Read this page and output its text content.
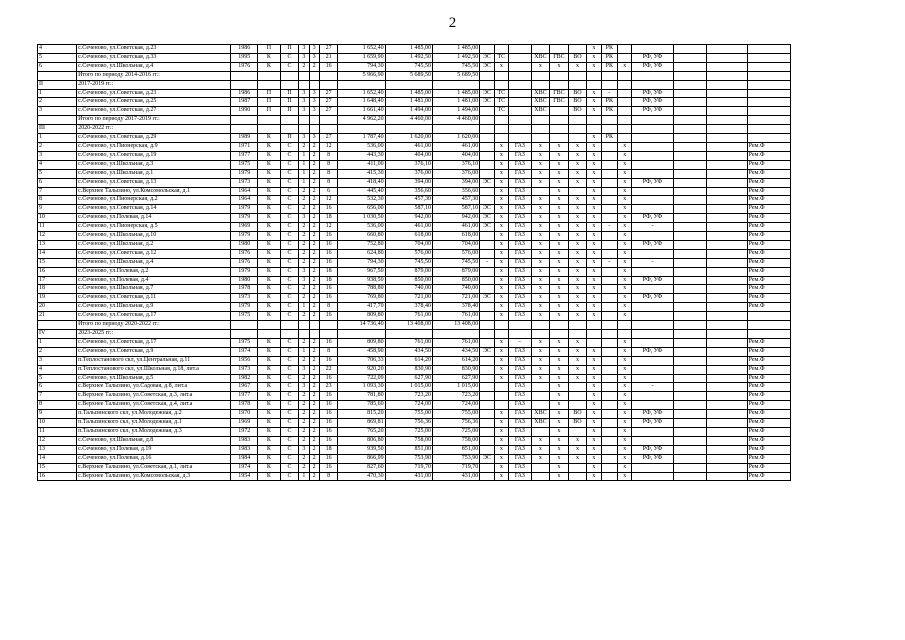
2
4	с.Сеченово, ул.Советская, д.23	1986	П	П	3	3	27	1 652,40	1 485,00	1 485,00							х	РК					
5	с.Сеченово, ул.Советская, д.33	1995	К	С	3	3	21	1 659,90	1 492,50	1 492,50	ЭС	ТС		ХВС	ГВС	ВО	х	РК		РФ, УФ			
6	с.Сеченово, ул.Школьная, д.4	1976	К	С	2	2	16	794,30	745,50	745,50	ЭС	х		х	х	х	х	РК	х	РФ, УФ			
	Итого по периоду 2014-2016 гг.:							5 966,90	5 689,50	5 689,50													
II	2017-2019 гг.:																						
1	с.Сеченово, ул.Советская, д.23	1986	П	П	3	3	27	1 652,40	1 485,00	1 485,00	ЭС	ТС		ХВС	ГВС	ВО	х	-		РФ, УФ			
2	с.Сеченово, ул.Советская, д.25	1987	П	П	3	3	27	1 648,40	1 481,00	1 481,00	ЭС	ТС		ХВС	ГВС	ВО	х	РК		РФ, УФ			
3	с.Сеченово, ул.Советская, д.27	1990	П	П	3	3	27	1 661,40	1 494,00	1 494,00		ТС		ХВС		ВО	х	РК		РФ, УФ			
	Итого по периоду 2017-2019 гг.:							4 962,20	4 460,00	4 460,00													
III	2020-2022 гг.:																						
1	с.Сеченово, ул.Советская, д.29	1989	К	П	3	3	27	1 787,40	1 620,00	1 620,00							х	РК					
2	с.Сеченово, ул.Пионерская, д.9	1971	К	С	2	2	12	536,00	461,00	461,00		х	ГАЗ	х	х	х	х		х				Рем.Ф
3	с.Сеченово, ул.Советская, д.19	1977	К	С	1	2	8	443,30	404,00	404,00		х	ГАЗ	х	х	х	х		х				Рем.Ф
4	с.Сеченово, ул.Школьная, д.3	1975	К	С	1	2	8	411,00	376,10	376,10		х	ГАЗ	х	х	х	х		х				Рем.Ф
5	с.Сеченово, ул.Школьная, д.1	1979	К	С	1	2	8	415,30	376,00	376,00		х	ГАЗ	х	х	х	х		х				Рем.Ф
6	с.Сеченово, ул.Советская, д.13	1973	К	С	1	2	8	418,40	394,00	394,00	ЭС	х	ГАЗ	х	х	х	х		х	РФ, УФ			Рем.Ф
7	с.Верхнее Талызино, ул.Комсомольская, д.1	1964	К	С	2	2	6	445,40	356,60	356,60		х	ГАЗ		х		х		х				Рем.Ф
8	с.Сеченово, ул.Пионерская, д.2	1964	К	С	2	2	12	532,30	457,30	457,30		х	ГАЗ	х	х	х	х		х				Рем.Ф
9	с.Сеченово, ул.Советская, д.14	1979	К	С	2	2	16	656,00	587,10	587,10	ЭС	х	ГАЗ	х	х	х	х		х				Рем.Ф
10	с.Сеченово, ул.Полевая, д.14	1979	К	С	3	2	18	1 030,50	942,00	942,00	ЭС	х	ГАЗ	х	х	х	х		х	РФ, УФ			Рем.Ф
11	с.Сеченово, ул.Пионерская, д.5	1969	К	С	2	2	12	536,00	461,00	461,00	ЭС	х	ГАЗ	х	х	х	х	-	х	-			Рем.Ф
12	с.Сеченово, ул.Школьная, д.10	1979	К	С	2	2	16	660,80	618,00	618,00		х	ГАЗ	х	х	х	х		х				Рем.Ф
13	с.Сеченово, ул.Школьная, д.2	1980	К	С	2	2	16	752,80	704,00	704,00		х	ГАЗ	х	х	х	х		х	РФ, УФ			Рем.Ф
14	с.Сеченово, ул.Советская, д.12	1976	К	С	2	2	16	624,80	576,00	576,00		х	ГАЗ	х	х	х	х		х				Рем.Ф
15	с.Сеченово, ул.Школьная, д.4	1976	К	С	2	2	16	794,30	745,50	745,50	-	х	ГАЗ	х	х	х	х	-	х	-			Рем.Ф
16	с.Сеченово, ул.Полевая, д.2	1979	К	С	3	2	18	967,50	879,00	879,00		х	ГАЗ	х	х	х	х		х				Рем.Ф
17	с.Сеченово, ул.Полевая, д.4	1980	К	С	3	2	18	938,50	850,00	850,00		х	ГАЗ	х	х	х	х		х	РФ, УФ			Рем.Ф
18	с.Сеченово, ул.Школьная, д.7	1978	К	С	2	2	16	788,80	740,00	740,00		х	ГАЗ	х	х	х	х		х				Рем.Ф
19	с.Сеченово, ул.Советская, д.11	1973	К	С	2	2	16	769,80	721,00	721,00	ЭС	х	ГАЗ	х	х	х	х		х	РФ, УФ			Рем.Ф
20	с.Сеченово, ул.Школьная, д.9	1979	К	С	1	2	8	417,70	378,40	378,40		х	ГАЗ	х	х	х	х		х				Рем.Ф
21	с.Сеченово, ул.Советская, д.17	1975	К	С	2	2	16	809,80	761,00	761,00		х	ГАЗ	х	х	х	х		х				
	Итого по периоду 2020-2022 гг.:							14 736,40	13 408,00	13 408,00													
IV	2023-2025 гг.:																						
1	с.Сеченово, ул.Советская, д.17	1975	К	С	2	2	16	809,80	761,00	761,00		х	-	х	х	х			х				Рем.Ф
2	с.Сеченово, ул.Советская, д.9	1974	К	С	1	2	8	458,90	434,50	434,50	ЭС	х	ГАЗ	х	х	х	х		х	РФ, УФ			Рем.Ф
3	п.Теплостанового скл, ул.Центральная, д.11	1956	К	С	2	2	16	706,33	614,20	614,20		х	ГАЗ	х	х	х	х		х				Рем.Ф
4	п.Теплостанового скл, ул.Школьная, д.18, лит.а	1973	К	С	3	2	22	920,20	830,90	830,90		х	ГАЗ	х	х	х	х		х				Рем.Ф
5	с.Сеченово, ул.Школьная, д.5	1982	К	С	2	2	16	722,09	627,90	627,90		х	ГАЗ	х	х	х	х		х				Рем.Ф
6	с.Верхнее Талызино, ул.Садовая, д.8, лит.а	1967	К	С	3	2	23	1 093,30	1 015,00	1 015,00			ГАЗ		х		х		х	-			Рем.Ф
7	с.Верхнее Талызино, ул.Советская, д.3, лит.а	1977	К	С	2	2	16	781,80	723,20	723,20			ГАЗ		х		х		х				Рем.Ф
8	с.Верхнее Талызино, ул.Советская, д.4, лит.а	1978	К	С	2	2	16	785,60	724,00	724,00			ГАЗ		х		х		х				Рем.Ф
9	п.Талызинского скл, ул.Молодежная, д.2	1970	К	С	2	2	16	815,20	755,00	755,00		х	ГАЗ	ХВС	х	ВО	х		х	РФ, УФ			Рем.Ф
10	п.Талызинского скл, ул.Молодежная, д.1	1969	К	С	2	2	16	869,81	756,36	756,36		х	ГАЗ	ХВС	х	ВО	х		х	РФ, УФ			Рем.Ф
11	п.Талызинского скл, ул.Молодежная, д.3	1972	К	С	2	2	16	765,20	725,00	725,00		х	ГАЗ		х		х		х				Рем.Ф
12	с.Сеченово, ул.Школьная, д.8	1983	К	С	2	2	16	806,80	758,00	758,00		х	ГАЗ	х	х	х	х		х				Рем.Ф
13	с.Сеченово, ул.Полевая, д.19	1983	К	С	3	2	18	939,50	851,00	851,00		х	ГАЗ	х	х	х	х		х	РФ, УФ			Рем.Ф
14	с.Сеченово, ул.Полевая, д.16	1984	К	С	2	2	16	866,99	753,90	753,90	ЭС	х	ГАЗ	х	х	х	х		х	РФ, УФ			Рем.Ф
15	с.Верхнее Талызино, ул.Советская, д.1, лит.а	1974	К	С	2	2	16	827,60	719,70	719,70		х	ГАЗ		х		х		х				Рем.Ф
16	с.Верхнее Талызино, ул.Комсомольская, д.3	1954	К	С	1	2	8	470,30	431,00	431,00		х	ГАЗ		х		х		х				Рем.Ф
